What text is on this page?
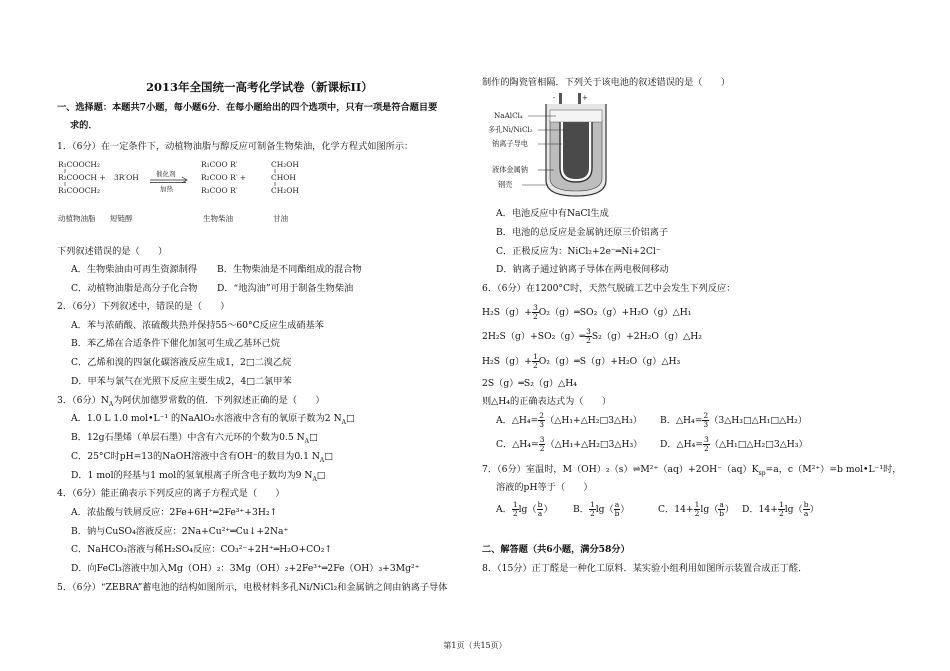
2013年全国统一高考化学试卷（新课标II）
一、选择题：本题共7小题，每小题6分．在每小题给出的四个选项中，只有一项是符合题目要
求的．
1．（6分）在一定条件下，动植物油脂与醇反应可制备生物柴油，化学方程式如图所示：
R₁COOCH₂
R₂COOCH +
R₃COOCH₂
3R′OH	催化剂
加热
R₁COO R′
R₂COO R′ +
R₃COO R′
CH₂OH
CHOH
CH₂OH
动植物油脂 短链醇	生物柴油	甘油
下列叙述错误的是（　　）
A．生物柴油由可再生资源制得 B．生物柴油是不同酯组成的混合物
C．动植物油脂是高分子化合物 D．“地沟油”可用于制备生物柴油
2．（6分）下列叙述中，错误的是（　　）
A．苯与浓硝酸、浓硫酸共热并保持55～60°C反应生成硝基苯
B．苯乙烯在合适条件下催化加氢可生成乙基环己烷
C．乙烯和溴的四氯化碳溶液反应生成1，2□二溴乙烷
D．甲苯与氯气在光照下反应主要生成2，4□二氯甲苯
3．（6分）$N_A$为阿伏加德罗常数的值．下列叙述正确的是（　　）
A．1.0 L 1.0 mol•L⁻¹ 的NaAlO₂水溶液中含有的氧原子数为2 $N_A□$
B．12g石墨烯（单层石墨）中含有六元环的个数为0.5 $N_A□$
C．25°C时pH=13的NaOH溶液中含有OH⁻的数目为0.1 $N_A□$
D．1 mol的羟基与1 mol的氢氧根离子所含电子数均为9 $N_A□$
4．（6分）能正确表示下列反应的离子方程式是（　　）
A．浓盐酸与铁屑反应：2Fe+6H⁺═2Fe³⁺+3H₂↑
B．钠与CuSO₄溶液反应：2Na+Cu²⁺═Cu↓+2Na⁺
C．NaHCO₃溶液与稀H₂SO₄反应：CO₃²⁻+2H⁺═H₂O+CO₂↑
D．向FeCl₃溶液中加入Mg（OH）₂：3Mg（OH）₂+2Fe³⁺═2Fe（OH）₃+3Mg²⁺
5．（6分）“ZEBRA”蓄电池的结构如图所示，电极材料多孔Ni/NiCl₂和金属钠之间由钠离子导体
制作的陶瓷管相隔．下列关于该电池的叙述错误的是（　　）
-	+
NaAlCl₄
多孔Ni/NiCl₂
钠离子导电
液体金属钠
钢壳
A．电池反应中有NaCl生成
B．电池的总反应是金属钠还原三价铝离子
C．正极反应为：NiCl₂+2e⁻═Ni+2Cl⁻
D．钠离子通过钠离子导体在两电极间移动
6．（6分）在1200°C时，天然气脱硫工艺中会发生下列反应：
$H_2S(g)+ \frac{3}{2}$ O₂（g）═SO₂（g）+H₂O（g）△H₁
2H₂S（g）+SO₂（g）═ $\frac{3}{2}$ S₂（g）+2H₂O（g）△H₂
$H_2S(g)+ \frac{1}{2}$ O₂（g）═S（g）+H₂O（g）△H₃
2S（g）═S₂（g）△H₄
则△H₄的正确表达式为（　　）
A．△H₄= $\frac{2}{3}$ （△H₁+△H₂□3△H₃） B．△H₄= $\frac{2}{3}$ （3△H₃□△H₁□△H₂）
C．△H₄= $\frac{3}{2}$ （△H₁+△H₂□3△H₃） D．△H₄= $\frac{3}{2}$ （△H₁□△H₂□3△H₃）
7．（6分）室温时，$M(OH)_2(s)\rightleftharpoons M^{2+}(aq)+2OH^-(aq)K_{sp}=a$，c（M²⁺）=b mol•L⁻¹时，
溶液的pH等于（　　）
A． $\frac{1}{2} \lg( \frac{b}{a}$ ） B． $\frac{1}{2} \lg( \frac{a}{b}$ ）	C．$14+ \frac{1}{2} \lg( \frac{a}{b}$ ） D．$14+ \frac{1}{2} \lg( \frac{b}{a}$ ）
二、解答题（共6小题，满分58分）
8．（15分）正丁醛是一种化工原料．某实验小组利用如图所示装置合成正丁醛．
第1页（共15页）
